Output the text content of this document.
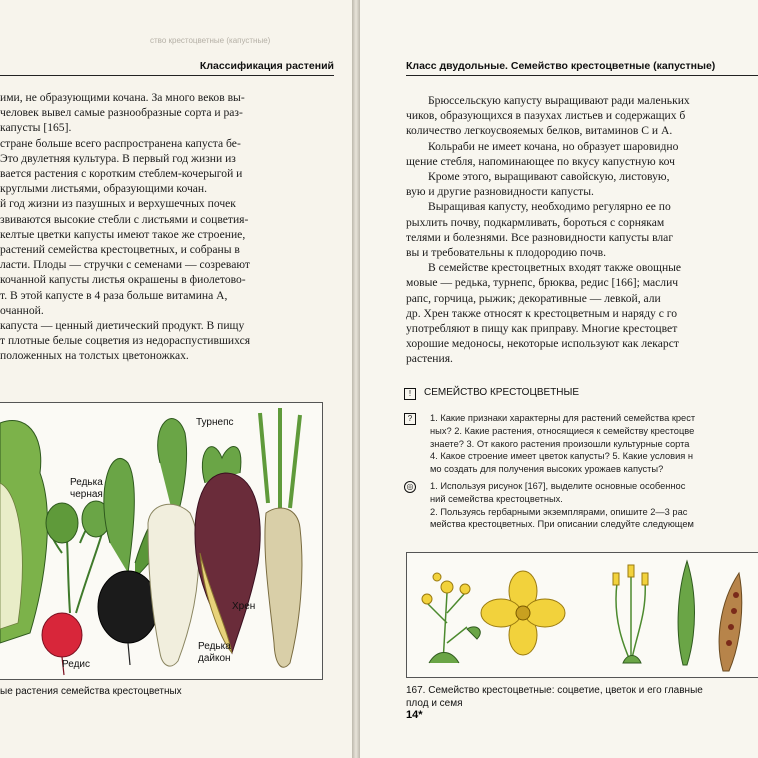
ство крестоцветные (капустные)
Классификация растений

ими, не образующими кочана. За много веков вы-

человек вывел самые разнообразные сорта и раз-

капусты [165].

стране больше всего распространена капуста бе-

Это двулетняя культура. В первый год жизни из

вается растения с коротким стеблем-кочерыгой и

круглыми листьями, образующими кочан.

й год жизни из пазушных и верхушечных почек

звиваются высокие стебли с листьями и соцветия-

келтые цветки капусты имеют такое же строение,

растений семейства крестоцветных, и собраны в

ласти. Плоды — стручки с семенами — созревают

кочанной капусты листья окрашены в фиолетово-

т. В этой капусте в 4 раза больше витамина А,

очанной.

капуста — ценный диетический продукт. В пищу

т плотные белые соцветия из недораспустившихся

положенных на толстых цветоножках.

Турнепс
Редька
черная
Хрен
Редис
Редька
дайкон
ые растения семейства крестоцветных
Класс двудольные. Семейство крестоцветные (капустные)

Брюссельскую капусту выращивают ради маленьких

чиков, образующихся в пазухах листьев и содержащих б

количество легкоусвояемых белков, витаминов С и А.

Кольраби не имеет кочана, но образует шаровидно

щение стебля, напоминающее по вкусу капустную коч

Кроме этого, выращивают савойскую, листовую,

вую и другие разновидности капусты.

Выращивая капусту, необходимо регулярно ее по

рыхлить почву, подкармливать, бороться с сорнякам

телями и болезнями. Все разновидности капусты влаг

вы и требовательны к плодородию почв.

В семействе крестоцветных входят также овощные

мовые — редька, турнепс, брюква, редис [166]; маслич

рапс, горчица, рыжик; декоративные — левкой, али

др. Хрен также относят к крестоцветным и наряду с го

употребляют в пищу как приправу. Многие крестоцвет

хорошие медоносы, некоторые используют как лекарст

растения.

! СЕМЕЙСТВО КРЕСТОЦВЕТНЫЕ
?	1. Какие признаки характерны для растений семейства крест

ных? 2. Какие растения, относящиеся к семейству крестоцве

знаете? 3. От какого растения произошли культурные сорта

4. Какое строение имеет цветок капусты? 5. Какие условия н

мо создать для получения высоких урожаев капусты?

◎ 1. Используя рисунок [167], выделите основные особеннос

ний семейства крестоцветных.

2. Пользуясь гербарными экземплярами, опишите 2—3 рас

мейства крестоцветных. При описании следуйте следующем

167. Семейство крестоцветные: соцветие, цветок и его главные

плод и семя

14*
